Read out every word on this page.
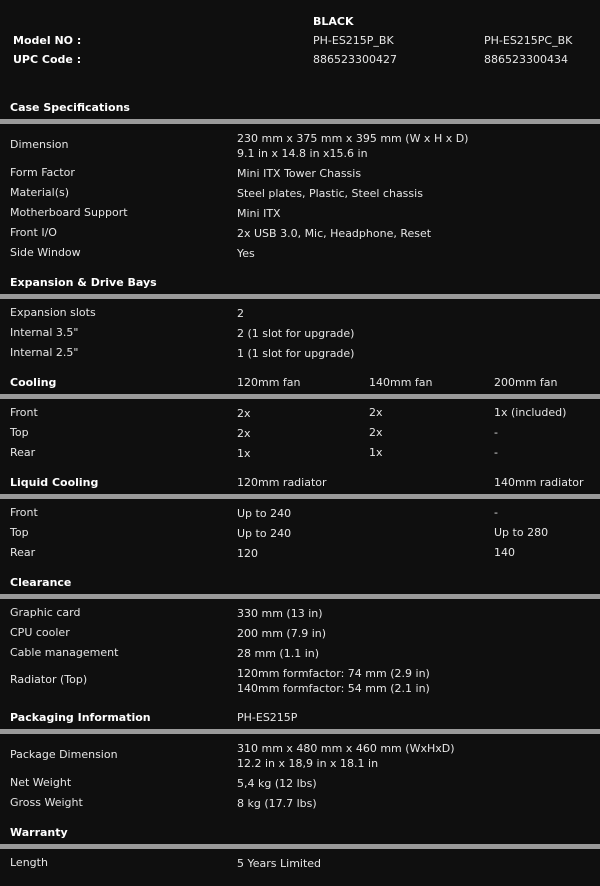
BLACK
Model NO :	PH-ES215P_BK	PH-ES215PC_BK
UPC Code :	886523300427	886523300434
Case Specifications
Dimension	230 mm x 375 mm x 395 mm (W x H x D)
9.1 in x 14.8 in x15.6 in
Form Factor	Mini ITX Tower Chassis
Material(s)	Steel plates, Plastic, Steel chassis
Motherboard Support	Mini ITX
Front I/O	2x USB 3.0, Mic, Headphone, Reset
Side Window	Yes
Expansion & Drive Bays
Expansion slots	2
Internal 3.5"	2 (1 slot for upgrade)
Internal 2.5"	1 (1 slot for upgrade)
Cooling	120mm fan	140mm fan	200mm fan
Front	2x	2x	1x (included)
Top	2x	2x	-
Rear	1x	1x	-
Liquid Cooling	120mm radiator	140mm radiator
Front	Up to 240	-
Top	Up to 240	Up to 280
Rear	120	140
Clearance
Graphic card	330 mm (13 in)
CPU cooler	200 mm (7.9 in)
Cable management	28 mm (1.1 in)
Radiator (Top)	120mm formfactor: 74 mm (2.9 in)
140mm formfactor: 54 mm (2.1 in)
Packaging Information	PH-ES215P
Package Dimension	310 mm x 480 mm x 460 mm (WxHxD)
12.2 in x 18,9 in x 18.1 in
Net Weight	5,4 kg (12 lbs)
Gross Weight	8 kg (17.7 lbs)
Warranty
Length	5 Years Limited
